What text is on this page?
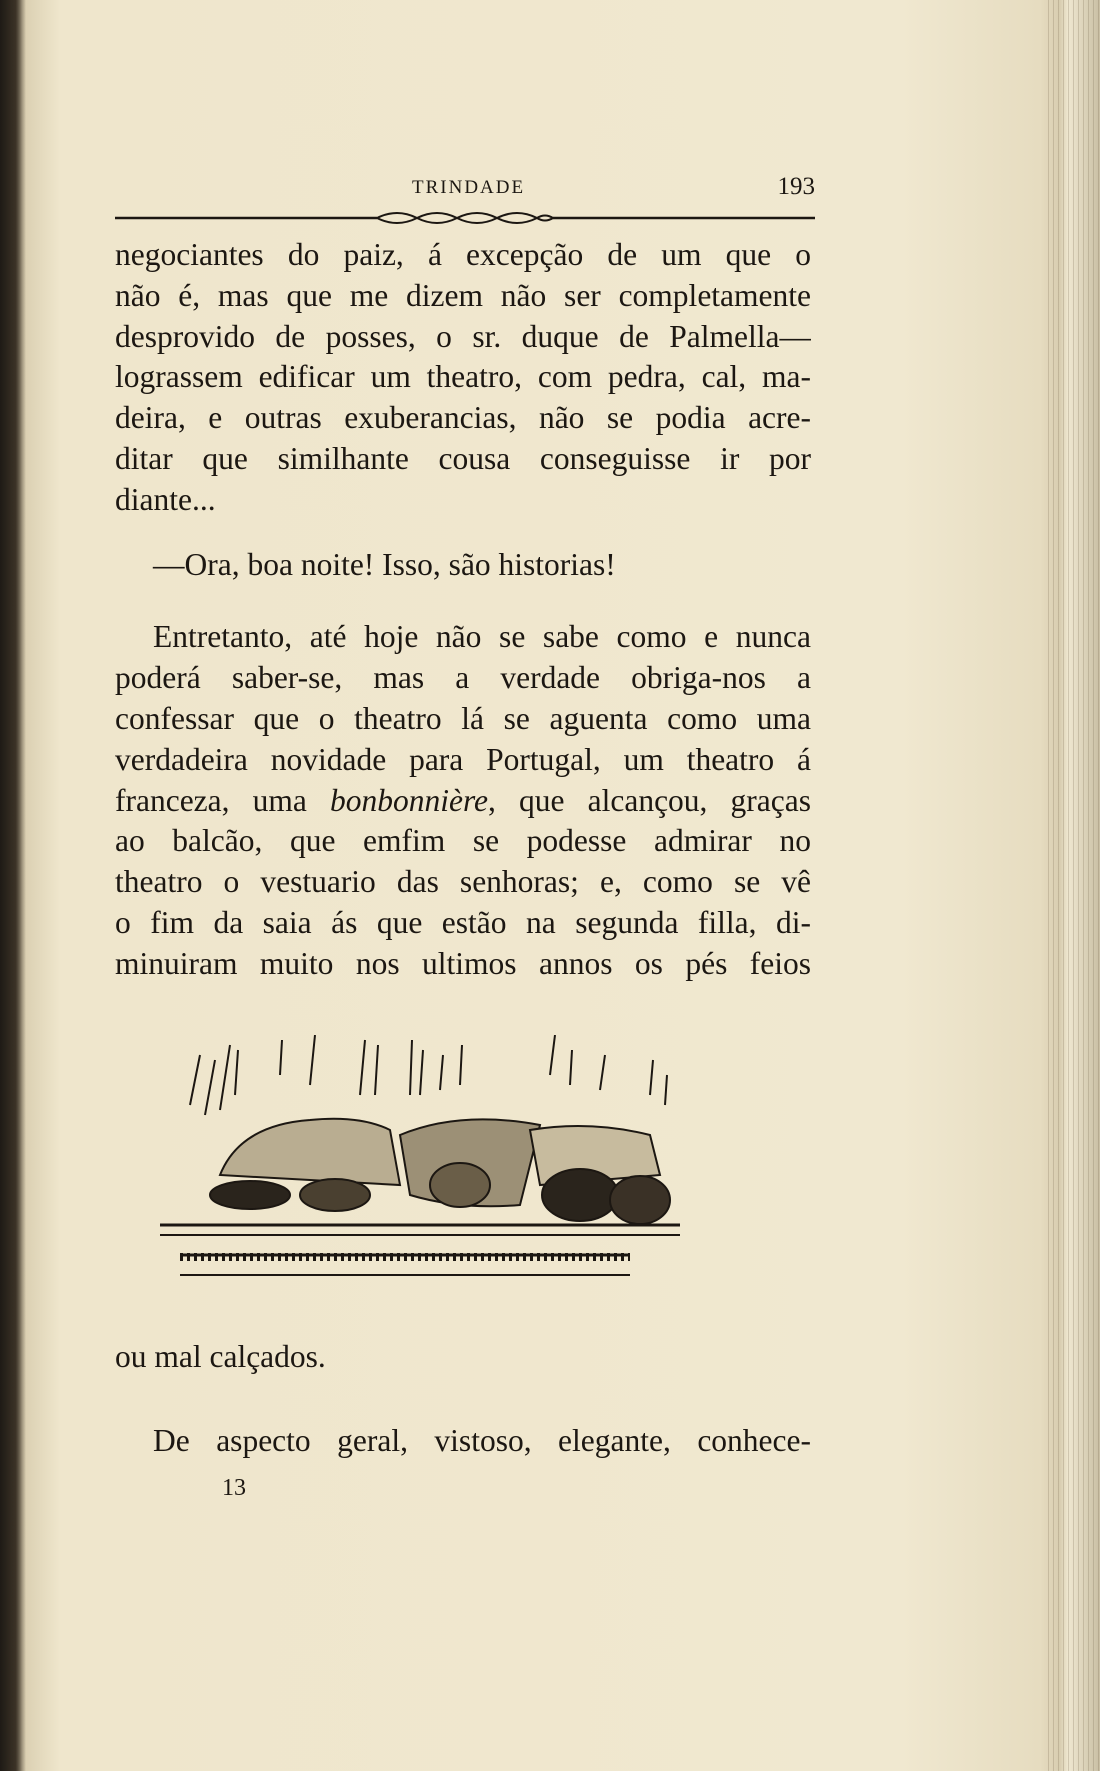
TRINDADE	193
negociantes do paiz, á excepção de um que o
não é, mas que me dizem não ser completamente
desprovido de posses, o sr. duque de Palmella—
lograssem edificar um theatro, com pedra, cal, ma-
deira, e outras exuberancias, não se podia acre-
ditar que similhante cousa conseguisse ir por
diante...
—Ora, boa noite! Isso, são historias!
Entretanto, até hoje não se sabe como e nunca
poderá saber-se, mas a verdade obriga-nos a
confessar que o theatro lá se aguenta como uma
verdadeira novidade para Portugal, um theatro á
franceza, uma bonbonnière, que alcançou, graças
ao balcão, que emfim se podesse admirar no
theatro o vestuario das senhoras; e, como se vê
o fim da saia ás que estão na segunda filla, di-
minuiram muito nos ultimos annos os pés feios
ou mal calçados.
De aspecto geral, vistoso, elegante, conhece-
13
